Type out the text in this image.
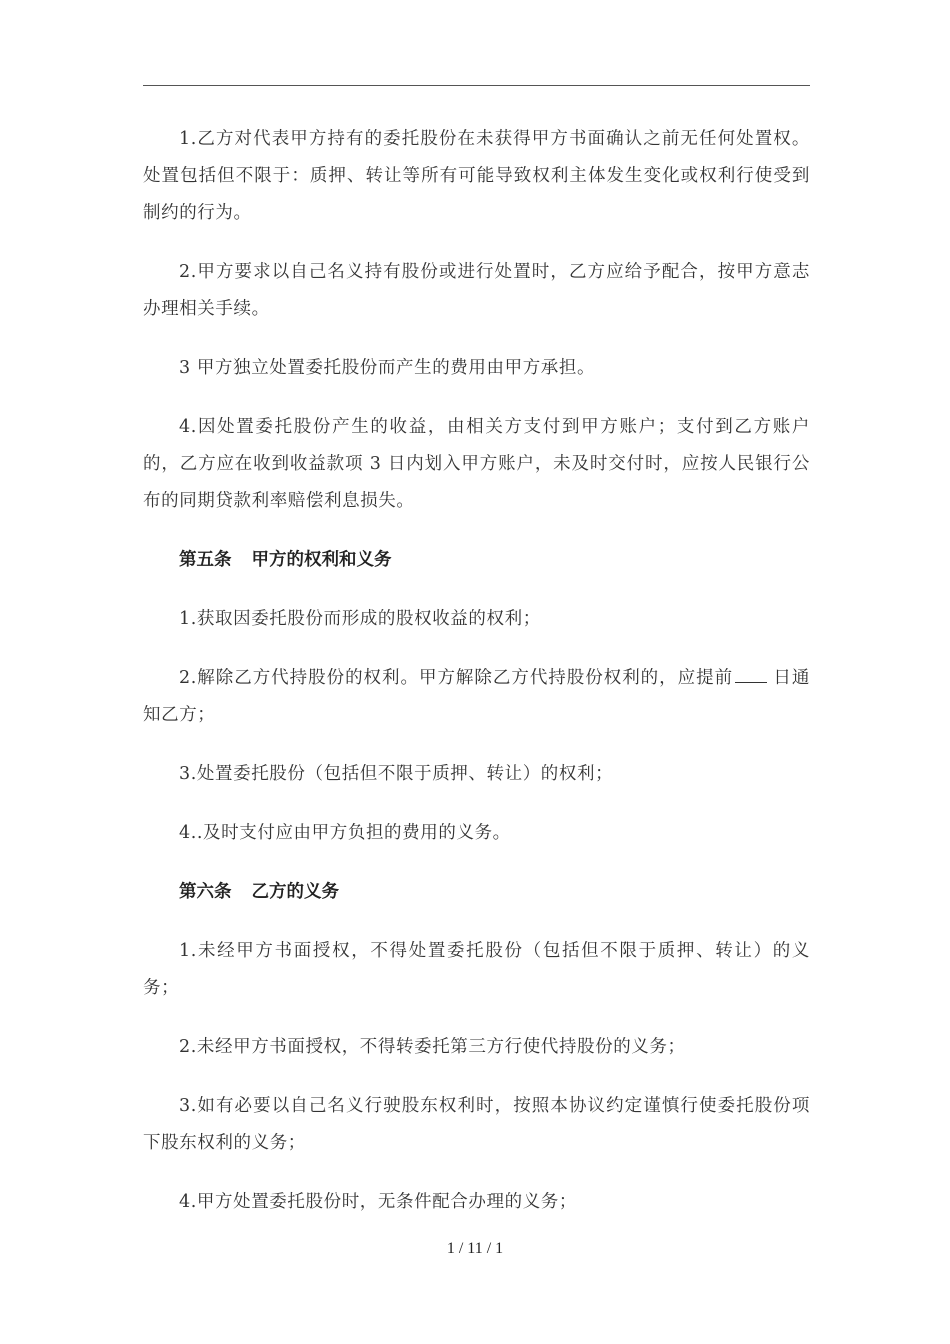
1.乙方对代表甲方持有的委托股份在未获得甲方书面确认之前无任何处置权。处置包括但不限于：质押、转让等所有可能导致权利主体发生变化或权利行使受到制约的行为。

2.甲方要求以自己名义持有股份或进行处置时，乙方应给予配合，按甲方意志办理相关手续。

3 甲方独立处置委托股份而产生的费用由甲方承担。

4.因处置委托股份产生的收益，由相关方支付到甲方账户；支付到乙方账户的，乙方应在收到收益款项 3 日内划入甲方账户，未及时交付时，应按人民银行公布的同期贷款利率赔偿利息损失。

第五条 甲方的权利和义务

1.获取因委托股份而形成的股权收益的权利；

2.解除乙方代持股份的权利。甲方解除乙方代持股份权利的，应提前 日通知乙方；

3.处置委托股份（包括但不限于质押、转让）的权利；

4..及时支付应由甲方负担的费用的义务。

第六条 乙方的义务

1.未经甲方书面授权，不得处置委托股份（包括但不限于质押、转让）的义务；

2.未经甲方书面授权，不得转委托第三方行使代持股份的义务；

3.如有必要以自己名义行驶股东权利时，按照本协议约定谨慎行使委托股份项下股东权利的义务；

4.甲方处置委托股份时，无条件配合办理的义务；

1 / 11 / 1
